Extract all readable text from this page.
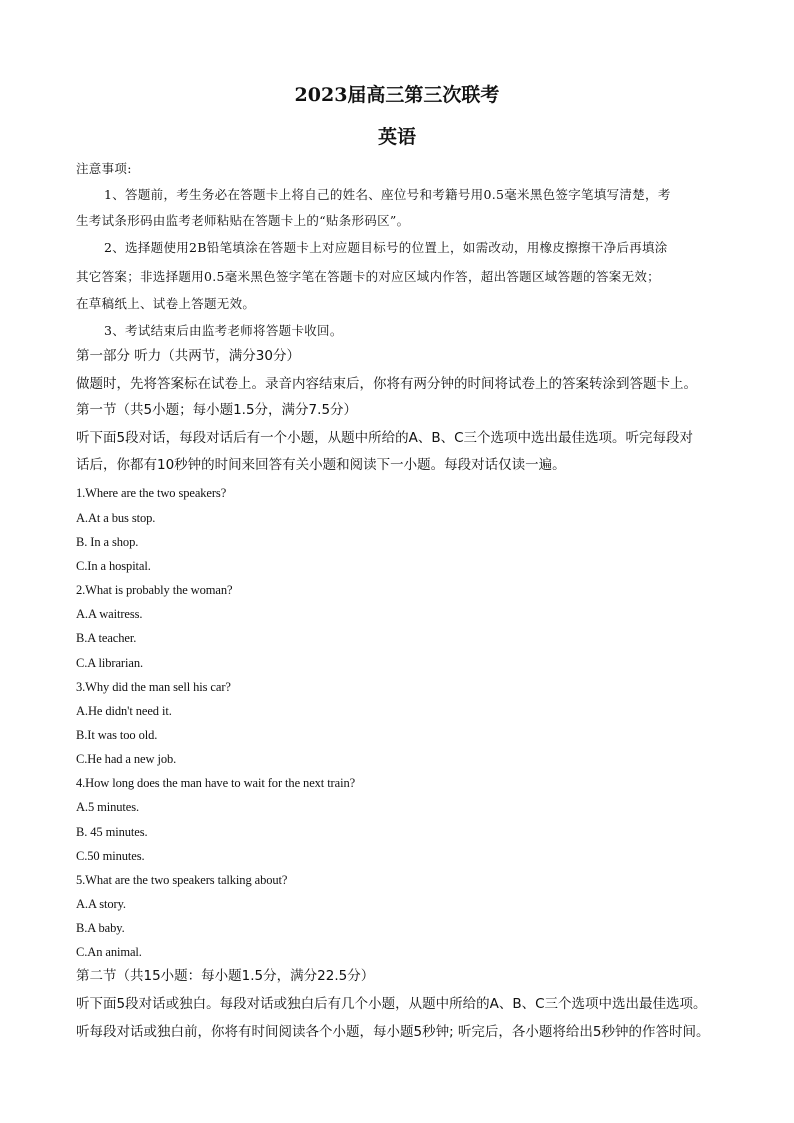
2023届高三第三次联考
英语
注意事项:
1、答题前，考生务必在答题卡上将自己的姓名、座位号和考籍号用0.5毫米黑色签字笔填写清楚，考
生考试条形码由监考老师粘贴在答题卡上的“贴条形码区”。
2、选择题使用2B铅笔填涂在答题卡上对应题目标号的位置上，如需改动，用橡皮擦擦干净后再填涂
其它答案；非选择题用0.5毫米黑色签字笔在答题卡的对应区域内作答，超出答题区域答题的答案无效；
在草稿纸上、试卷上答题无效。
3、考试结束后由监考老师将答题卡收回。
第一部分 听力（共两节，满分30分）
做题时，先将答案标在试卷上。录音内容结束后，你将有两分钟的时间将试卷上的答案转涂到答题卡上。
第一节（共5小题；每小题1.5分，满分7.5分）
听下面5段对话，每段对话后有一个小题，从题中所给的A、B、C三个选项中选出最佳选项。听完每段对
话后，你都有10秒钟的时间来回答有关小题和阅读下一小题。每段对话仅读一遍。
1.Where are the two speakers?
A.At a bus stop.
B. In a shop.
C.In a hospital.
2.What is probably the woman?
A.A waitress.
B.A teacher.
C.A librarian.
3.Why did the man sell his car?
A.He didn't need it.
B.It was too old.
C.He had a new job.
4.How long does the man have to wait for the next train?
A.5 minutes.
B. 45 minutes.
C.50 minutes.
5.What are the two speakers talking about?
A.A story.
B.A baby.
C.An animal.
第二节（共15小题：每小题1.5分，满分22.5分）
听下面5段对话或独白。每段对话或独白后有几个小题，从题中所给的A、B、C三个选项中选出最佳选项。
听每段对话或独白前，你将有时间阅读各个小题，每小题5秒钟; 听完后，各小题将给出5秒钟的作答时间。
